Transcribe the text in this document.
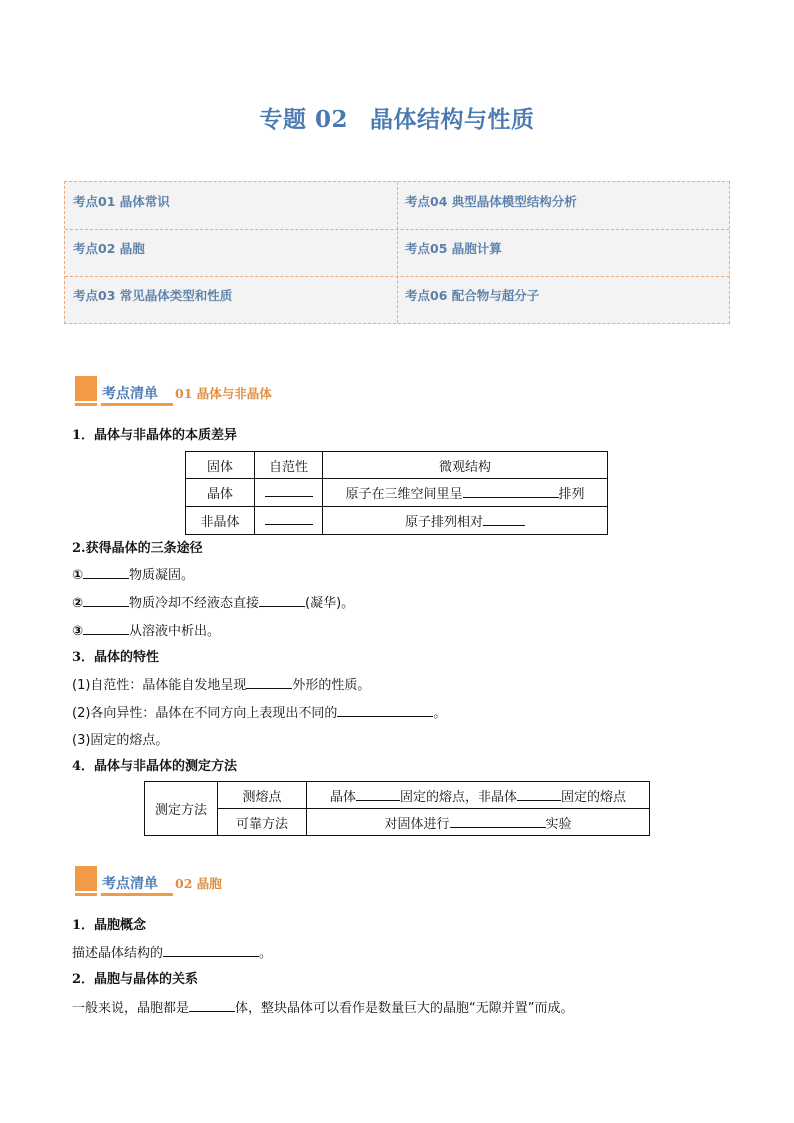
专题 02 晶体结构与性质
考点01 晶体常识	考点04 典型晶体模型结构分析
考点02 晶胞	考点05 晶胞计算
考点03 常见晶体类型和性质	考点06 配合物与超分子
考点清单 01 晶体与非晶体
1．晶体与非晶体的本质差异
固体	自范性	微观结构
晶体		原子在三维空间里呈 排列
非晶体		原子排列相对
2.获得晶体的三条途径
①	物质凝固。
②	物质冷却不经液态直接	(凝华)。
③	从溶液中析出。
3．晶体的特性
(1)自范性：晶体能自发地呈现	外形的性质。
(2)各向异性：晶体在不同方向上表现出不同的	。
(3)固定的熔点。
4．晶体与非晶体的测定方法
测定方法	测熔点	晶体 固定的熔点，非晶体 固定的熔点
	可靠方法	对固体进行 实验
考点清单 02 晶胞
1．晶胞概念
描述晶体结构的	。
2．晶胞与晶体的关系
一般来说，晶胞都是	体，整块晶体可以看作是数量巨大的晶胞“无隙并置”而成。
